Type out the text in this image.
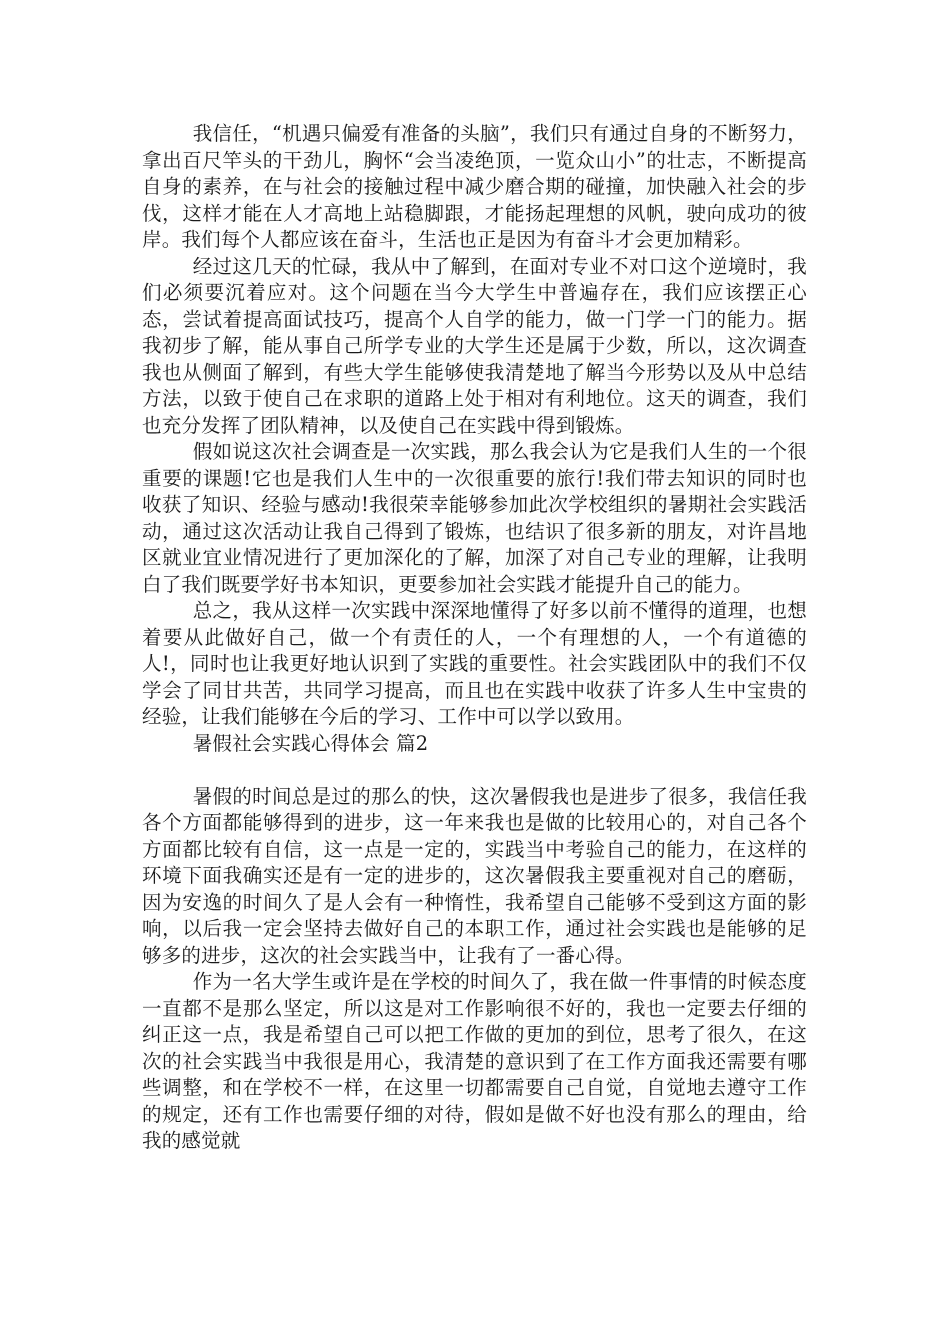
我信任，“机遇只偏爱有准备的头脑”，我们只有通过自身的不断努力，拿出百尺竿头的干劲儿，胸怀“会当凌绝顶，一览众山小”的壮志，不断提高自身的素养，在与社会的接触过程中减少磨合期的碰撞，加快融入社会的步伐，这样才能在人才高地上站稳脚跟，才能扬起理想的风帆，驶向成功的彼岸。我们每个人都应该在奋斗，生活也正是因为有奋斗才会更加精彩。

经过这几天的忙碌，我从中了解到，在面对专业不对口这个逆境时，我们必须要沉着应对。这个问题在当今大学生中普遍存在，我们应该摆正心态，尝试着提高面试技巧，提高个人自学的能力，做一门学一门的能力。据我初步了解，能从事自己所学专业的大学生还是属于少数，所以，这次调查我也从侧面了解到，有些大学生能够使我清楚地了解当今形势以及从中总结方法，以致于使自己在求职的道路上处于相对有利地位。这天的调查，我们也充分发挥了团队精神，以及使自己在实践中得到锻炼。

假如说这次社会调查是一次实践，那么我会认为它是我们人生的一个很重要的课题!它也是我们人生中的一次很重要的旅行!我们带去知识的同时也收获了知识、经验与感动!我很荣幸能够参加此次学校组织的暑期社会实践活动，通过这次活动让我自己得到了锻炼，也结识了很多新的朋友，对许昌地区就业宜业情况进行了更加深化的了解，加深了对自己专业的理解，让我明白了我们既要学好书本知识，更要参加社会实践才能提升自己的能力。

总之，我从这样一次实践中深深地懂得了好多以前不懂得的道理，也想着要从此做好自己，做一个有责任的人，一个有理想的人，一个有道德的人!，同时也让我更好地认识到了实践的重要性。社会实践团队中的我们不仅学会了同甘共苦，共同学习提高，而且也在实践中收获了许多人生中宝贵的经验，让我们能够在今后的学习、工作中可以学以致用。

暑假社会实践心得体会 篇2

暑假的时间总是过的那么的快，这次暑假我也是进步了很多，我信任我各个方面都能够得到的进步，这一年来我也是做的比较用心的，对自己各个方面都比较有自信，这一点是一定的，实践当中考验自己的能力，在这样的环境下面我确实还是有一定的进步的，这次暑假我主要重视对自己的磨砺，因为安逸的时间久了是人会有一种惰性，我希望自己能够不受到这方面的影响，以后我一定会坚持去做好自己的本职工作，通过社会实践也是能够的足够多的进步，这次的社会实践当中，让我有了一番心得。

作为一名大学生或许是在学校的时间久了，我在做一件事情的时候态度一直都不是那么坚定，所以这是对工作影响很不好的，我也一定要去仔细的纠正这一点，我是希望自己可以把工作做的更加的到位，思考了很久，在这次的社会实践当中我很是用心，我清楚的意识到了在工作方面我还需要有哪些调整，和在学校不一样，在这里一切都需要自己自觉，自觉地去遵守工作的规定，还有工作也需要仔细的对待，假如是做不好也没有那么的理由，给我的感觉就
